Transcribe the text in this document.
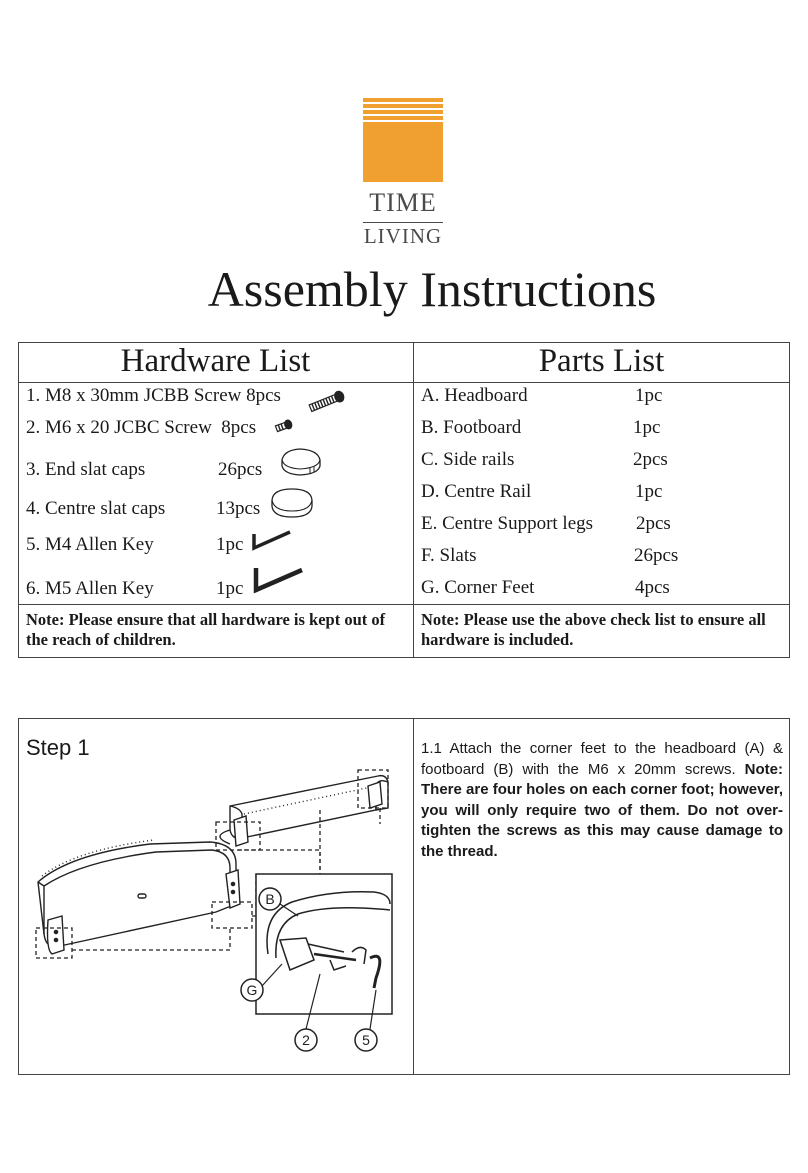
TIME
LIVING
Assembly Instructions
Hardware List	Parts List
1. M8 x 30mm JCBB Screw 8pcs
2. M6 x 20 JCBC Screw 8pcs
3. End slat caps	26pcs
4. Centre slat caps	13pcs
5. M4 Allen Key	1pc
6. M5 Allen Key	1pc
A. Headboard	1pc
B. Footboard	1pc
C. Side rails	2pcs
D. Centre Rail	1pc
E. Centre Support legs 2pcs
F. Slats	26pcs
G. Corner Feet	4pcs
Note: Please ensure that all hardware is kept out of the reach of children.
Note: Please use the above check list to ensure all hardware is included.
Step 1	1.1 Attach the corner feet to the headboard (A) & footboard (B) with the M6 x 20mm screws. Note: There are four holes on each corner foot; however, you will only require two of them. Do not over-tighten the screws as this may cause damage to the thread.
B
G
2	5
